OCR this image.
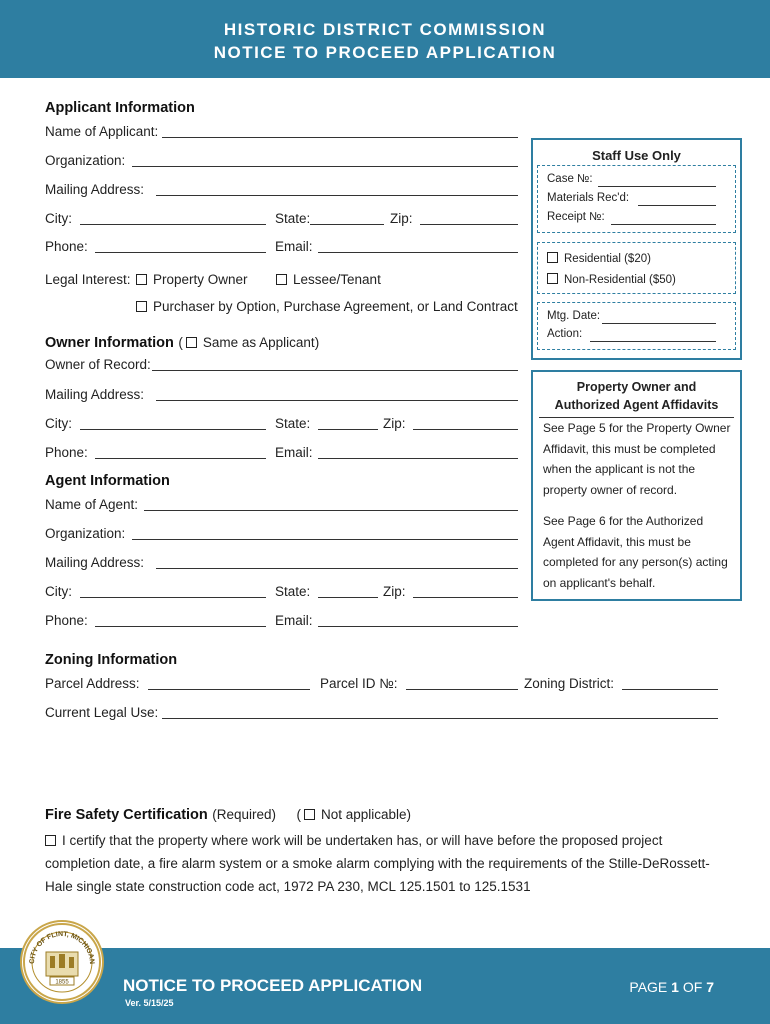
HISTORIC DISTRICT COMMISSION
NOTICE TO PROCEED APPLICATION
Applicant Information
Name of Applicant:
Organization:
Mailing Address:
City:	State:	Zip:
Phone:	Email:
Legal Interest:	Property Owner	Lessee/Tenant
Purchaser by Option, Purchase Agreement, or Land Contract
Owner Information ( Same as Applicant)
Owner of Record:
Mailing Address:
City:	State:	Zip:
Phone:	Email:
Agent Information
Name of Agent:
Organization:
Mailing Address:
City:	State:	Zip:
Phone:	Email:
Staff Use Only
Case №:
Materials Rec'd:
Receipt №:
Residential ($20)
Non-Residential ($50)
Mtg. Date:
Action:
Property Owner and
Authorized Agent Affidavits
See Page 5 for the Property Owner Affidavit, this must be completed when the applicant is not the property owner of record.
See Page 6 for the Authorized Agent Affidavit, this must be completed for any person(s) acting on applicant's behalf.
Zoning Information
Parcel Address:	Parcel ID №:	Zoning District:
Current Legal Use:
Fire Safety Certification (Required) ( Not applicable)
I certify that the property where work will be undertaken has, or will have before the proposed project
completion date, a fire alarm system or a smoke alarm complying with the requirements of the Stille-DeRossett-
Hale single state construction code act, 1972 PA 230, MCL 125.1501 to 125.1531
NOTICE TO PROCEED APPLICATION
Ver. 5/15/25
PAGE 1 OF 7
CITY OF FLINT, MICHIGAN
1855
